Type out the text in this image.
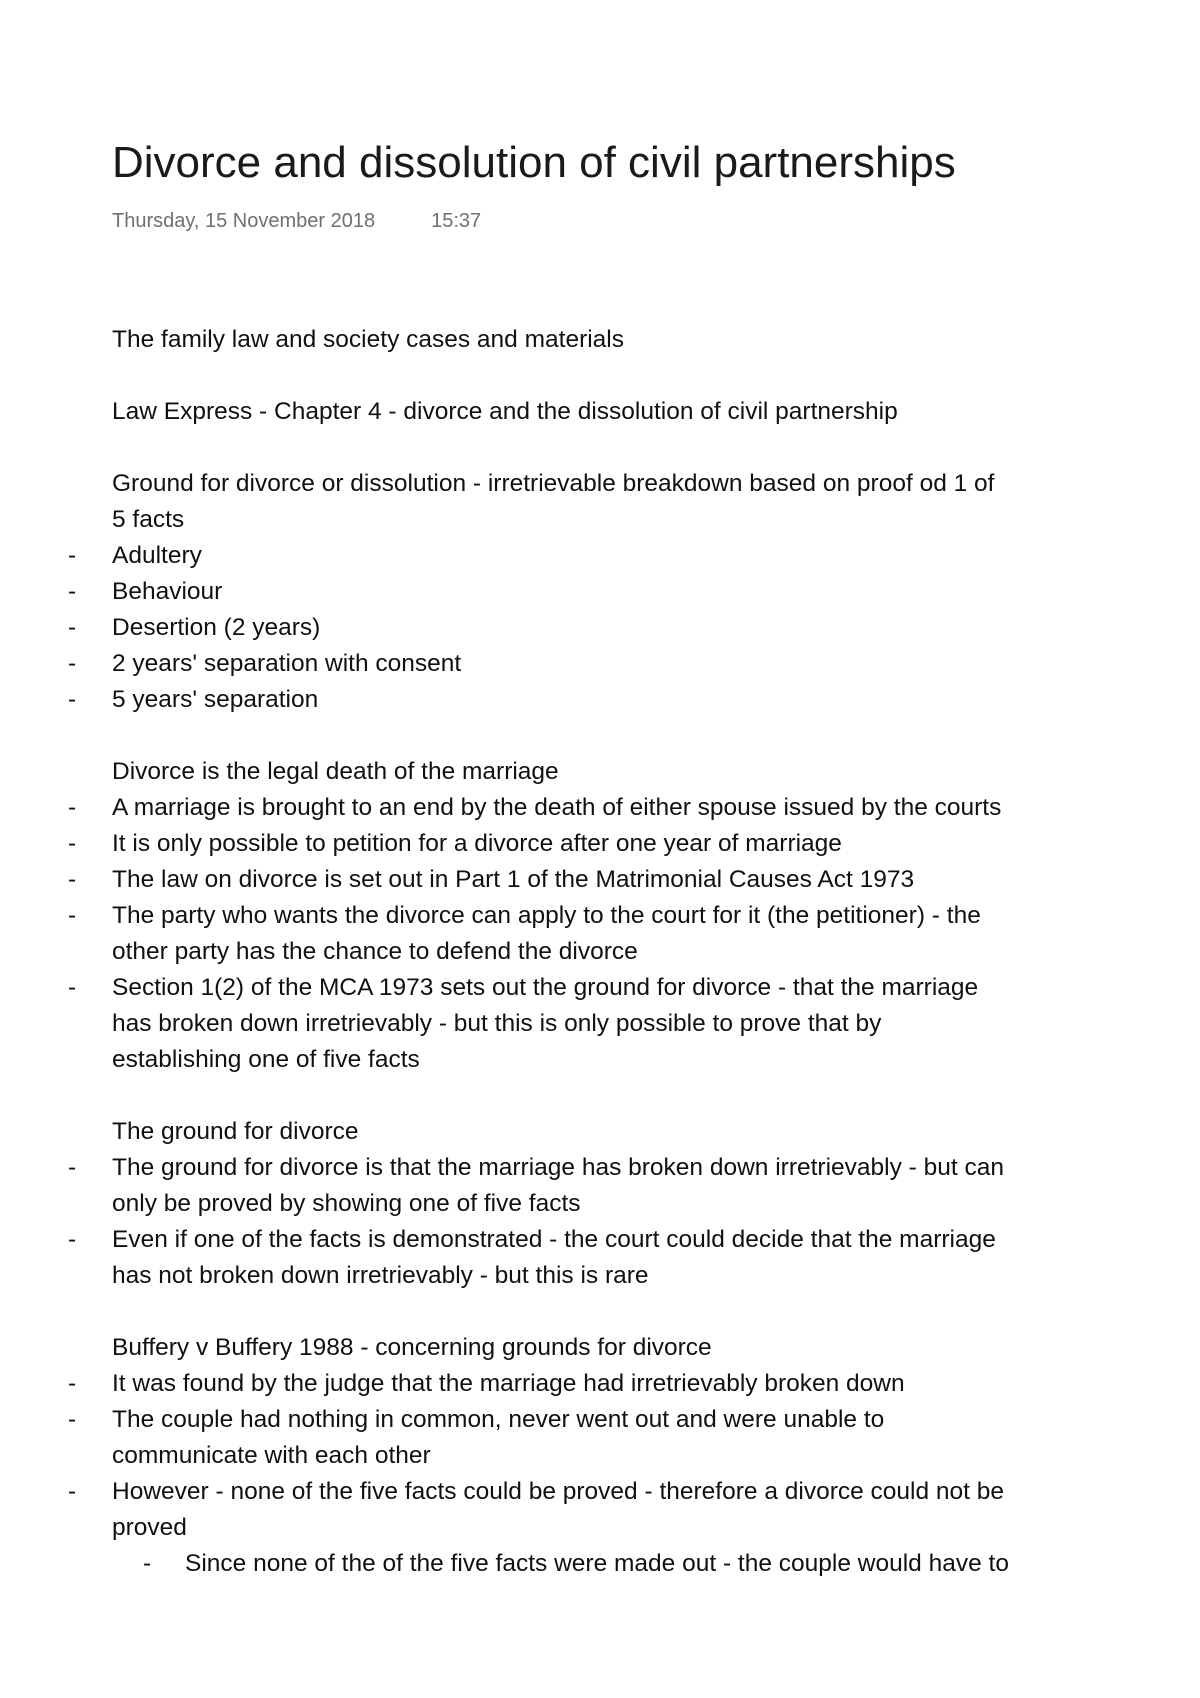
Divorce and dissolution of civil partnerships
Thursday, 15 November 2018	15:37
The family law and society cases and materials
Law Express - Chapter 4 - divorce and the dissolution of civil partnership
Ground for divorce or dissolution - irretrievable breakdown based on proof od 1 of
5 facts
- Adultery
- Behaviour
- Desertion (2 years)
- 2 years' separation with consent
- 5 years' separation
Divorce is the legal death of the marriage
- A marriage is brought to an end by the death of either spouse issued by the courts
- It is only possible to petition for a divorce after one year of marriage
- The law on divorce is set out in Part 1 of the Matrimonial Causes Act 1973
- The party who wants the divorce can apply to the court for it (the petitioner) - the
other party has the chance to defend the divorce
- Section 1(2) of the MCA 1973 sets out the ground for divorce - that the marriage
has broken down irretrievably - but this is only possible to prove that by
establishing one of five facts
The ground for divorce
- The ground for divorce is that the marriage has broken down irretrievably - but can
only be proved by showing one of five facts
- Even if one of the facts is demonstrated - the court could decide that the marriage
has not broken down irretrievably - but this is rare
Buffery v Buffery 1988 - concerning grounds for divorce
- It was found by the judge that the marriage had irretrievably broken down
- The couple had nothing in common, never went out and were unable to
communicate with each other
- However - none of the five facts could be proved - therefore a divorce could not be
proved
- Since none of the of the five facts were made out - the couple would have to
